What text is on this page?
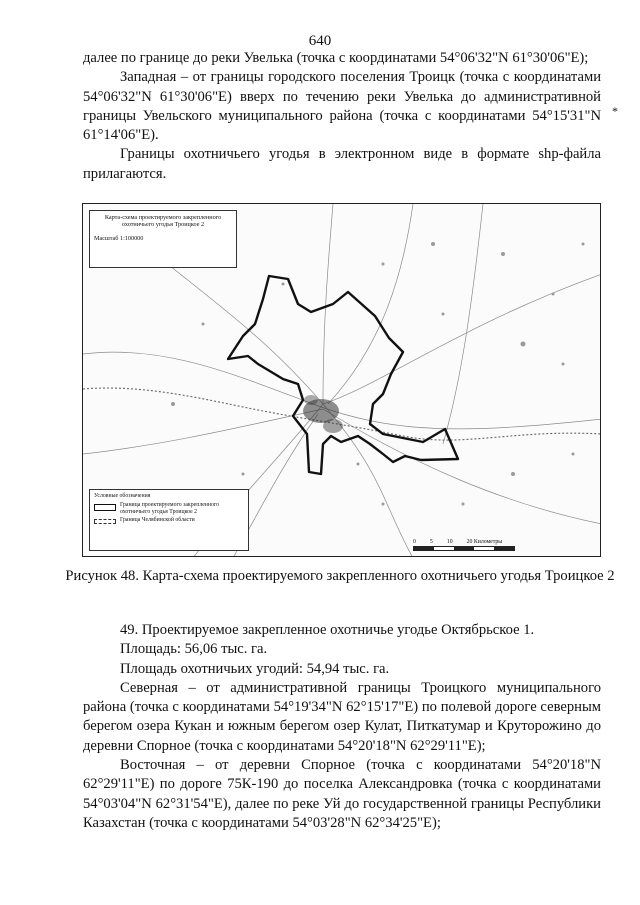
640

далее по границе до реки Увелька (точка с координатами 54°06'32"N 61°30'06"E);

Западная – от границы городского поселения Троицк (точка с координатами 54°06'32"N 61°30'06"E) вверх по течению реки Увелька до административной границы Увельского муниципального района (точка с координатами 54°15'31"N 61°14'06"E).

Границы охотничьего угодья в электронном виде в формате shp-файла прилагаются.

*
Карта-схема проектируемого закрепленного охотничьего угодья Троицкое 2
Масштаб 1:100000
Условные обозначения
Граница проектируемого закрепленного охотничьего угодья Троицкое 2
Граница Челябинской области
0 5 10 20 Километры
Рисунок 48. Карта-схема проектируемого закрепленного охотничьего угодья Троицкое 2

49. Проектируемое закрепленное охотничье угодье Октябрьское 1.

Площадь: 56,06 тыс. га.

Площадь охотничьих угодий: 54,94 тыс. га.

Северная – от административной границы Троицкого муниципального района (точка с координатами 54°19'34"N 62°15'17"E) по полевой дороге северным берегом озера Кукан и южным берегом озер Кулат, Питкатумар и Круторожино до деревни Спорное (точка с координатами 54°20'18"N 62°29'11"E);

Восточная – от деревни Спорное (точка с координатами 54°20'18"N 62°29'11"E) по дороге 75К-190 до поселка Александровка (точка с координатами 54°03'04"N 62°31'54"E), далее по реке Уй до государственной границы Республики Казахстан (точка с координатами 54°03'28"N 62°34'25"E);
